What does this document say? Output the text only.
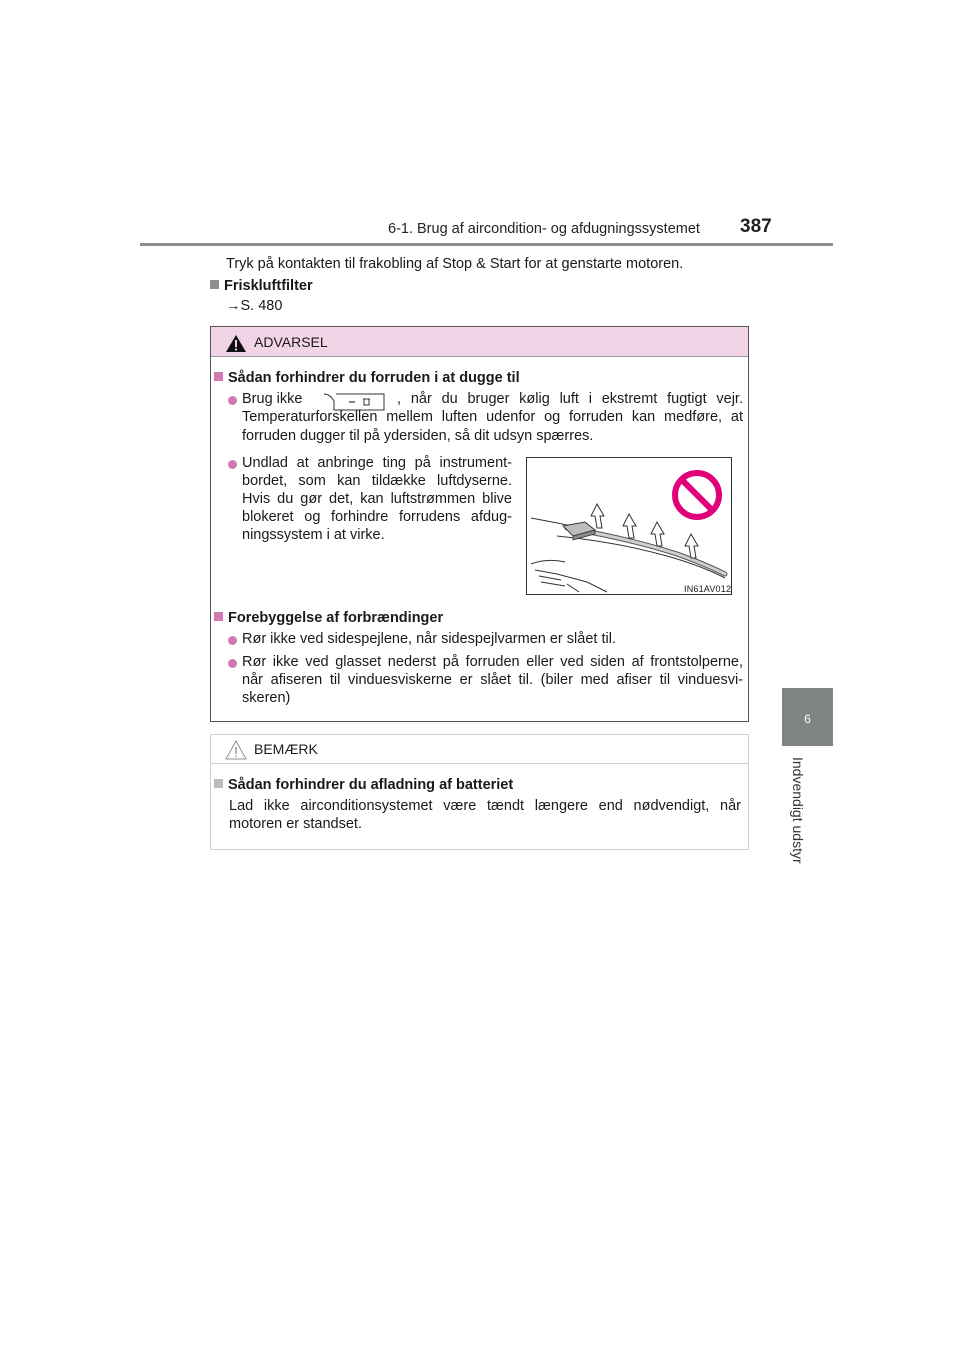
6-1. Brug af aircondition- og afdugningssystemet 387
6
Indvendigt udstyr
Tryk på kontakten til frakobling af Stop & Start for at genstarte motoren.
Friskluftfilter
→S. 480
ADVARSEL
Sådan forhindrer du forruden i at dugge til
Brug ikke	, når du bruger kølig luft i ekstremt fugtigt vejr.
Temperaturforskellen mellem luften udenfor og forruden kan medføre, at
forruden dugger til på ydersiden, så dit udsyn spærres.
Undlad at anbringe ting på instrument-
bordet, som kan tildække luftdyserne.
Hvis du gør det, kan luftstrømmen blive
blokeret og forhindre forrudens afdug-
ningssystem i at virke.
IN61AV012
Forebyggelse af forbrændinger
Rør ikke ved sidespejlene, når sidespejlvarmen er slået til.
Rør ikke ved glasset nederst på forruden eller ved siden af frontstolperne,
når afiseren til vinduesviskerne er slået til. (biler med afiser til vinduesvi-
skeren)
BEMÆRK
Sådan forhindrer du afladning af batteriet
Lad ikke airconditionsystemet være tændt længere end nødvendigt, når
motoren er standset.
